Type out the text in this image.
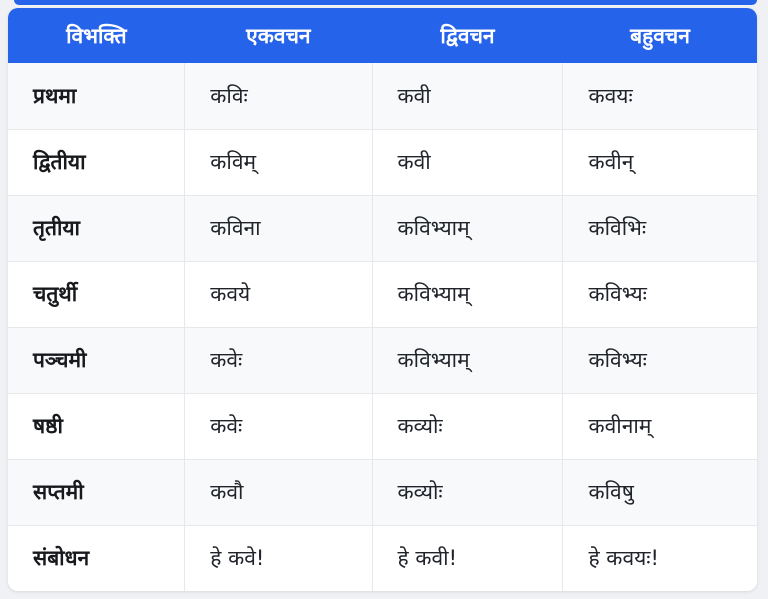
विभक्ति	एकवचन	द्विवचन	बहुवचन
प्रथमा	कविः	कवी	कवयः
द्वितीया	कविम्	कवी	कवीन्
तृतीया	कविना	कविभ्याम्	कविभिः
चतुर्थी	कवये	कविभ्याम्	कविभ्यः
पञ्चमी	कवेः	कविभ्याम्	कविभ्यः
षष्ठी	कवेः	कव्योः	कवीनाम्
सप्तमी	कवौ	कव्योः	कविषु
संबोधन	हे कवे!	हे कवी!	हे कवयः!
